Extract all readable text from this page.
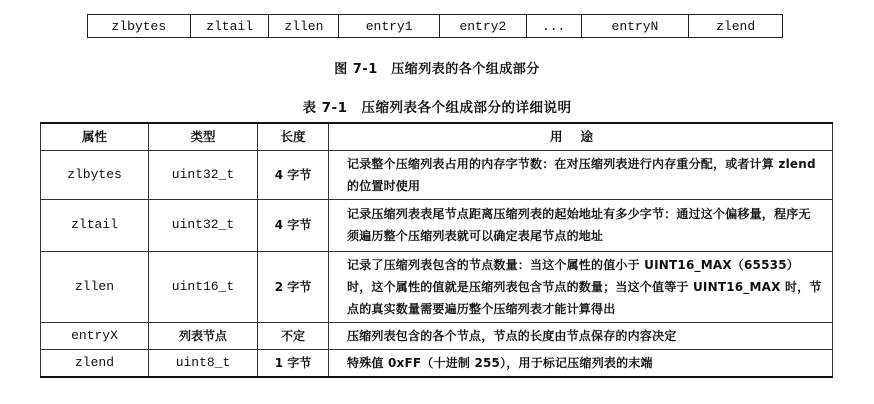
zlbytes	zltail	zllen	entry1	entry2	...	entryN	zlend
图 7-1　压缩列表的各个组成部分
表 7-1　压缩列表各个组成部分的详细说明
属性	类型	长度	用途
zlbytes	uint32_t	4 字节	记录整个压缩列表占用的内存字节数：在对压缩列表进行内存重分配，或者计算 zlend 的位置时使用
zltail	uint32_t	4 字节	记录压缩列表表尾节点距离压缩列表的起始地址有多少字节：通过这个偏移量，程序无须遍历整个压缩列表就可以确定表尾节点的地址
zllen	uint16_t	2 字节	记录了压缩列表包含的节点数量：当这个属性的值小于 UINT16_MAX（65535）时，这个属性的值就是压缩列表包含节点的数量；当这个值等于 UINT16_MAX 时，节点的真实数量需要遍历整个压缩列表才能计算得出
entryX	列表节点	不定	压缩列表包含的各个节点，节点的长度由节点保存的内容决定
zlend	uint8_t	1 字节	特殊值 0xFF（十进制 255），用于标记压缩列表的末端
